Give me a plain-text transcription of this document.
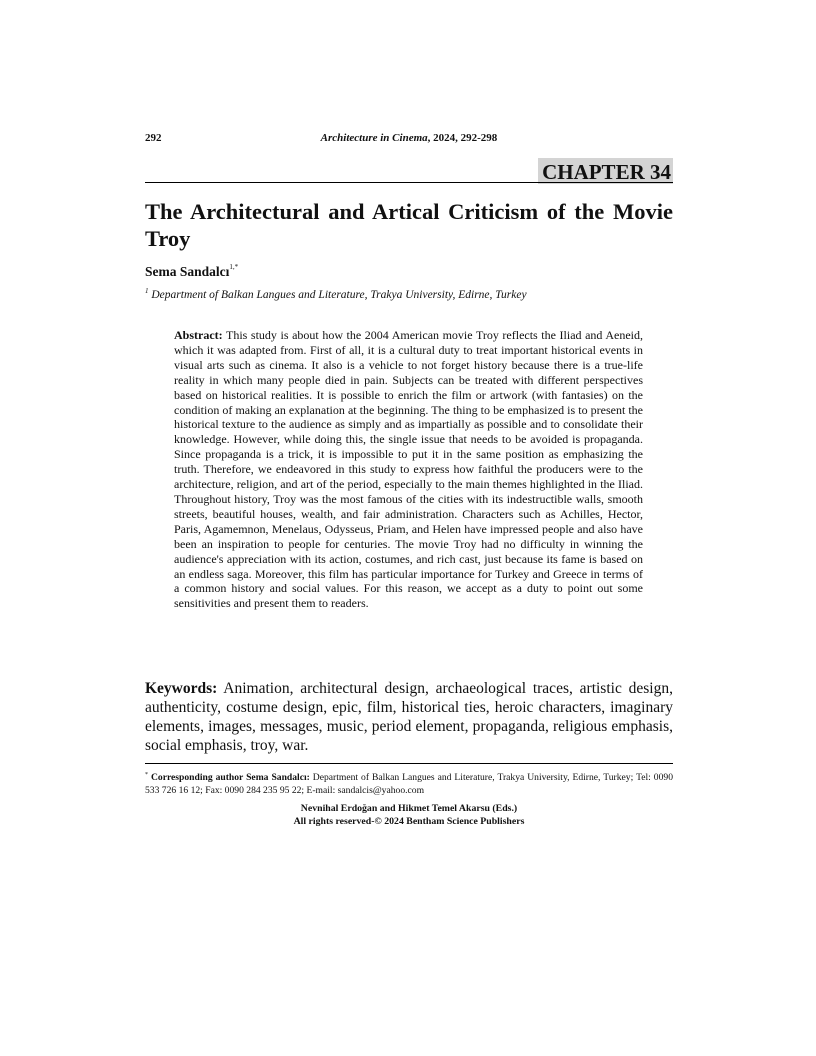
292	Architecture in Cinema, 2024, 292-298
CHAPTER 34
The Architectural and Artical Criticism of the Movie Troy
Sema Sandalcı$^{1,*}$
$^1$ Department of Balkan Langues and Literature, Trakya University, Edirne, Turkey

Abstract: This study is about how the 2004 American movie Troy reflects the Iliad and Aeneid, which it was adapted from. First of all, it is a cultural duty to treat important historical events in visual arts such as cinema. It also is a vehicle to not forget history because there is a true-life reality in which many people died in pain. Subjects can be treated with different perspectives based on historical realities. It is possible to enrich the film or artwork (with fantasies) on the condition of making an explanation at the beginning. The thing to be emphasized is to present the historical texture to the audience as simply and as impartially as possible and to consolidate their knowledge. However, while doing this, the single issue that needs to be avoided is propaganda. Since propaganda is a trick, it is impossible to put it in the same position as emphasizing the truth. Therefore, we endeavored in this study to express how faithful the producers were to the architecture, religion, and art of the period, especially to the main themes highlighted in the Iliad. Throughout history, Troy was the most famous of the cities with its indestructible walls, smooth streets, beautiful houses, wealth, and fair administration. Characters such as Achilles, Hector, Paris, Agamemnon, Menelaus, Odysseus, Priam, and Helen have impressed people and also have been an inspiration to people for centuries. The movie Troy had no difficulty in winning the audience's appreciation with its action, costumes, and rich cast, just because its fame is based on an endless saga. Moreover, this film has particular importance for Turkey and Greece in terms of a common history and social values. For this reason, we accept as a duty to point out some sensitivities and present them to readers.

Keywords: Animation, architectural design, archaeological traces, artistic design, authenticity, costume design, epic, film, historical ties, heroic characters, imaginary elements, images, messages, music, period element, propaganda, religious emphasis, social emphasis, troy, war.

* Corresponding author Sema Sandalcı: Department of Balkan Langues and Literature, Trakya University, Edirne, Turkey; Tel: 0090 533 726 16 12; Fax: 0090 284 235 95 22; E-mail: sandalcis@yahoo.com

Nevnihal Erdoğan and Hikmet Temel Akarsu (Eds.)
All rights reserved-© 2024 Bentham Science Publishers
